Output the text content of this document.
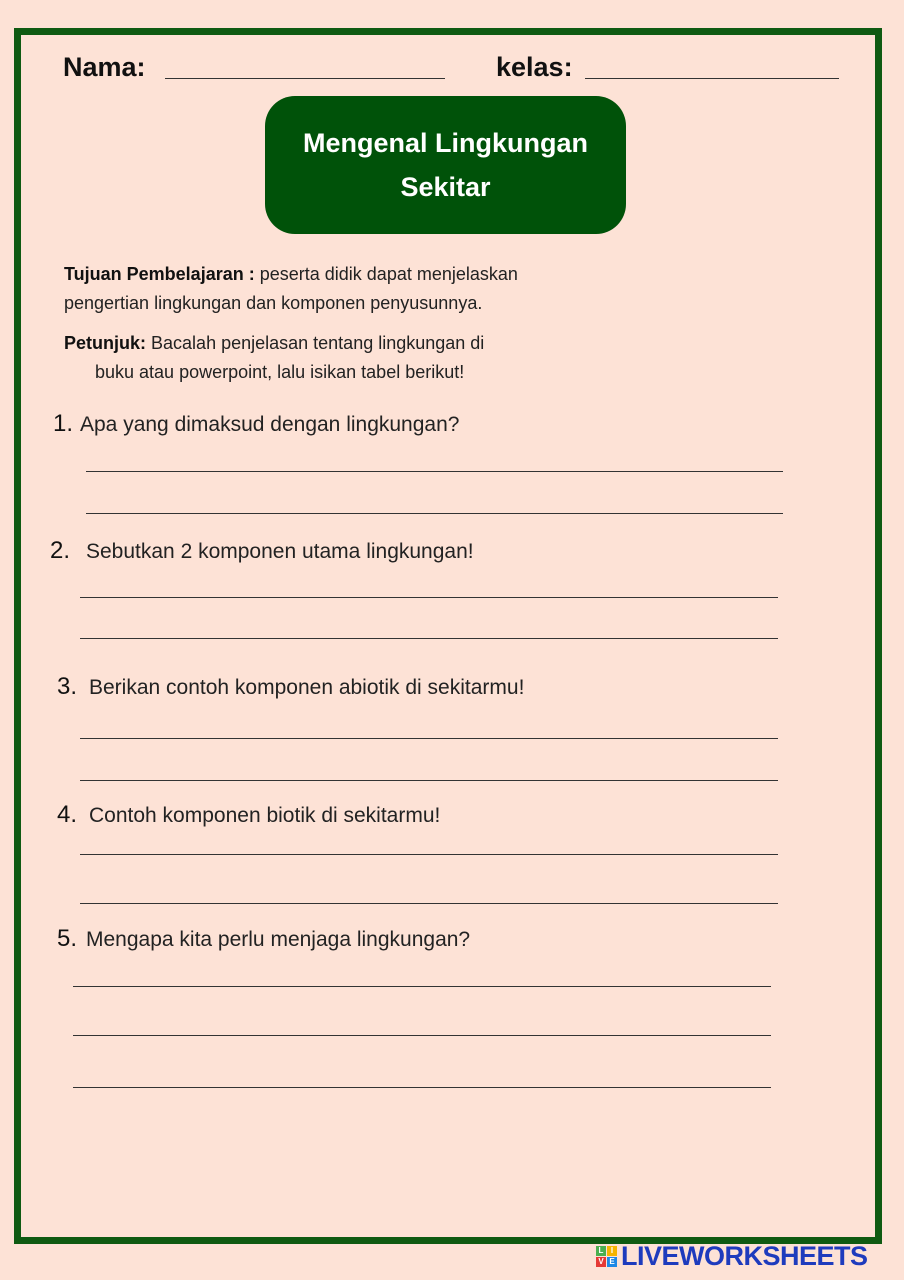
Nama:	kelas:
Mengenal Lingkungan
Sekitar
Tujuan Pembelajaran : peserta didik dapat menjelaskan
pengertian lingkungan dan komponen penyusunnya.
Petunjuk: Bacalah penjelasan tentang lingkungan di
buku atau powerpoint, lalu isikan tabel berikut!
1. Apa yang dimaksud dengan lingkungan?
2. Sebutkan 2 komponen utama lingkungan!
3. Berikan contoh komponen abiotik di sekitarmu!
4. Contoh komponen biotik di sekitarmu!
5. Mengapa kita perlu menjaga lingkungan?
L I
V E LIVEWORKSHEETS
